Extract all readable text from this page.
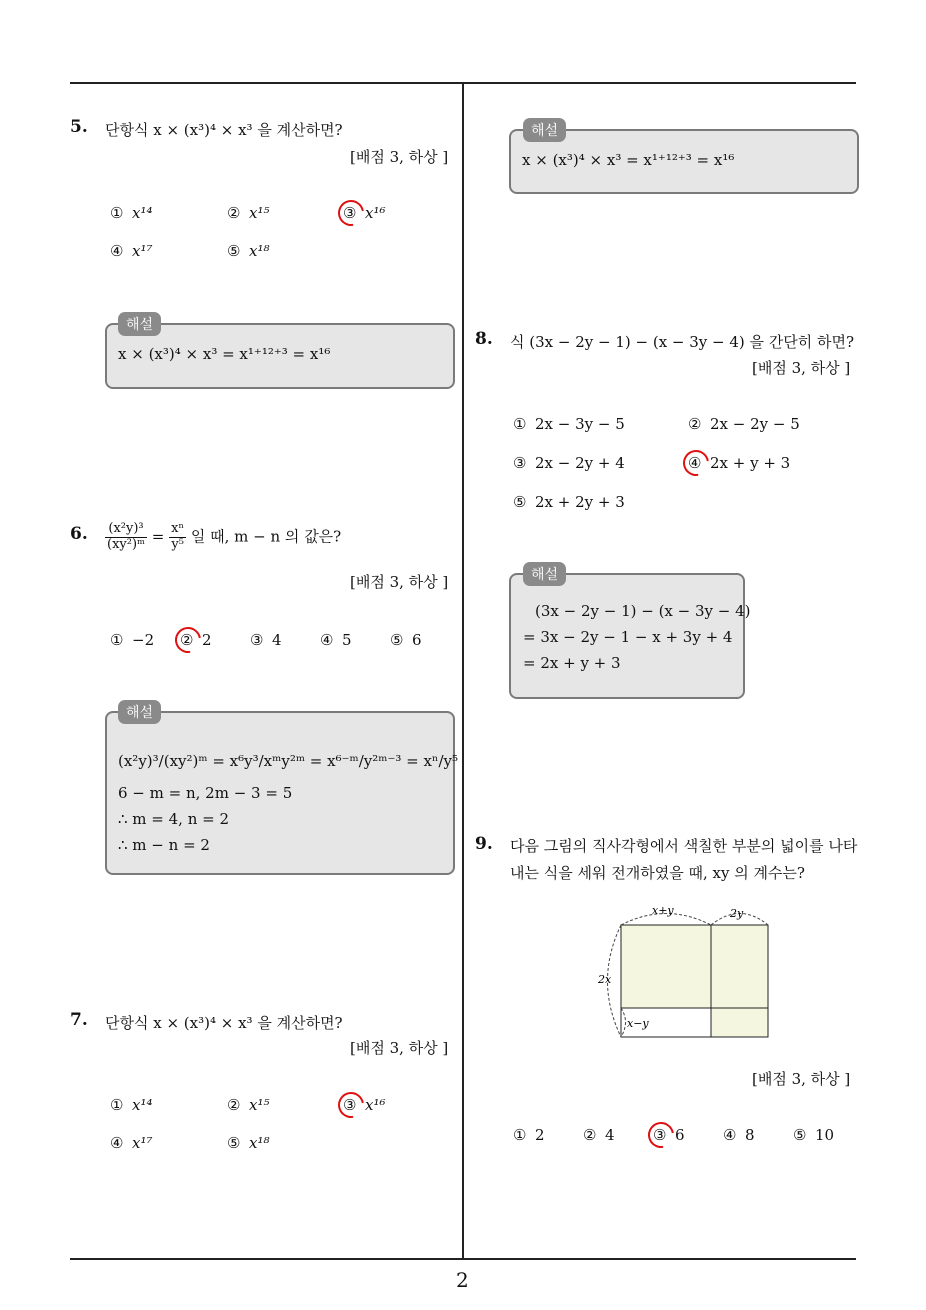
2
5. 단항식 x × (x³)⁴ × x³ 을 계산하면?
[배점 3, 하상 ]
① x¹⁴	② x¹⁵	③ x¹⁶
④ x¹⁷	⑤ x¹⁸
해설
x × (x³)⁴ × x³ = x¹⁺¹²⁺³ = x¹⁶
6. $\frac{\text{(x²y)³}}{\text{(xy²)ᵐ}} = \frac{\text{xⁿ}}{\text{y⁵}}$ 일 때, m − n 의 값은?
[배점 3, 하상 ]
① −2 ② 2	③ 4	④ 5	⑤ 6
해설
(x²y)³/(xy²)ᵐ = x⁶y³/xᵐy²ᵐ = x⁶⁻ᵐ/y²ᵐ⁻³ = xⁿ/y⁵
6 − m = n, 2m − 3 = 5
∴ m = 4, n = 2
∴ m − n = 2
7. 단항식 x × (x³)⁴ × x³ 을 계산하면?
[배점 3, 하상 ]
① x¹⁴	② x¹⁵	③ x¹⁶
④ x¹⁷	⑤ x¹⁸
해설
x × (x³)⁴ × x³ = x¹⁺¹²⁺³ = x¹⁶
8. 식 (3x − 2y − 1) − (x − 3y − 4) 을 간단히 하면?
[배점 3, 하상 ]
① 2x − 3y − 5	② 2x − 2y − 5
③ 2x − 2y + 4	④ 2x + y + 3
⑤ 2x + 2y + 3
해설
(3x − 2y − 1) − (x − 3y − 4)
= 3x − 2y − 1 − x + 3y + 4
= 2x + y + 3
9. 다음 그림의 직사각형에서 색칠한 부분의 넓이를 나타
내는 식을 세워 전개하였을 때, xy 의 계수는?
x+y	2y
2x
x−y
[배점 3, 하상 ]
① 2	② 4	③ 6	④ 8	⑤ 10
